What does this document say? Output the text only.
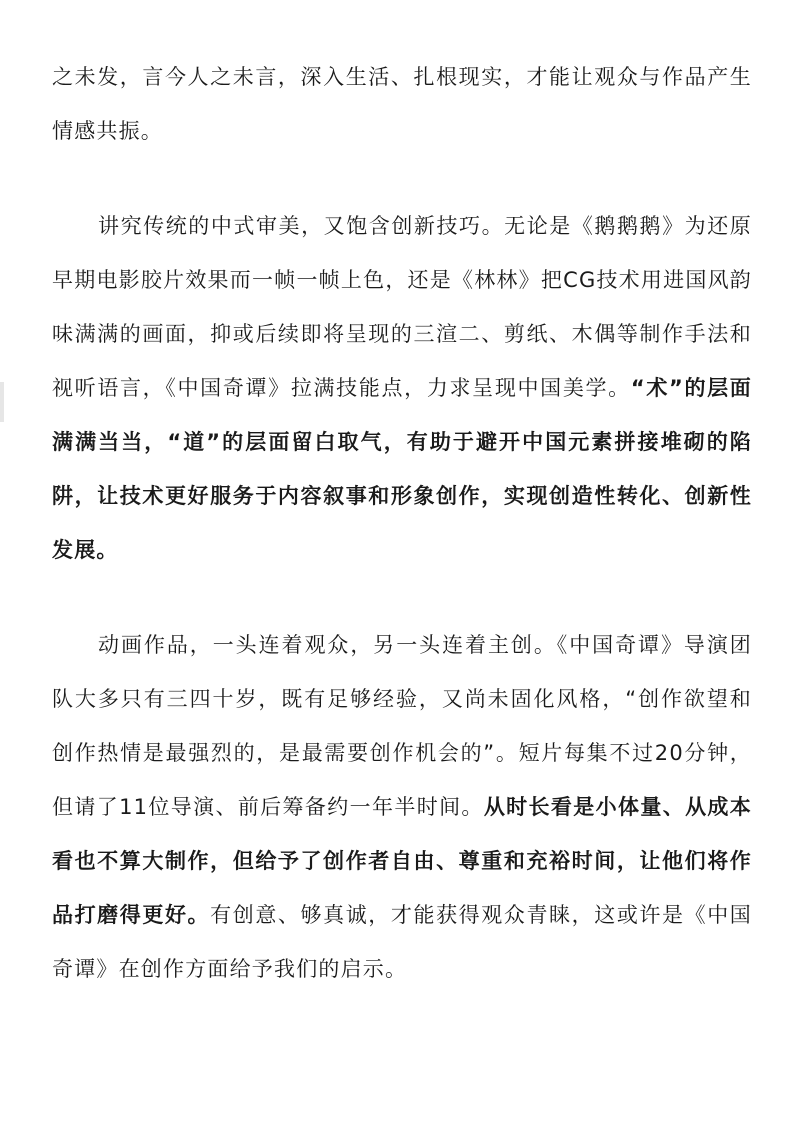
之未发，言今人之未言，深入生活、扎根现实，才能让观众与作品产生情感共振。

讲究传统的中式审美，又饱含创新技巧。无论是《鹅鹅鹅》为还原早期电影胶片效果而一帧一帧上色，还是《林林》把CG技术用进国风韵味满满的画面，抑或后续即将呈现的三渲二、剪纸、木偶等制作手法和视听语言，《中国奇谭》拉满技能点，力求呈现中国美学。“术”的层面满满当当，“道”的层面留白取气，有助于避开中国元素拼接堆砌的陷阱，让技术更好服务于内容叙事和形象创作，实现创造性转化、创新性发展。

动画作品，一头连着观众，另一头连着主创。《中国奇谭》导演团队大多只有三四十岁，既有足够经验，又尚未固化风格，“创作欲望和创作热情是最强烈的，是最需要创作机会的”。短片每集不过20分钟，但请了11位导演、前后筹备约一年半时间。从时长看是小体量、从成本看也不算大制作，但给予了创作者自由、尊重和充裕时间，让他们将作品打磨得更好。有创意、够真诚，才能获得观众青睐，这或许是《中国奇谭》在创作方面给予我们的启示。
